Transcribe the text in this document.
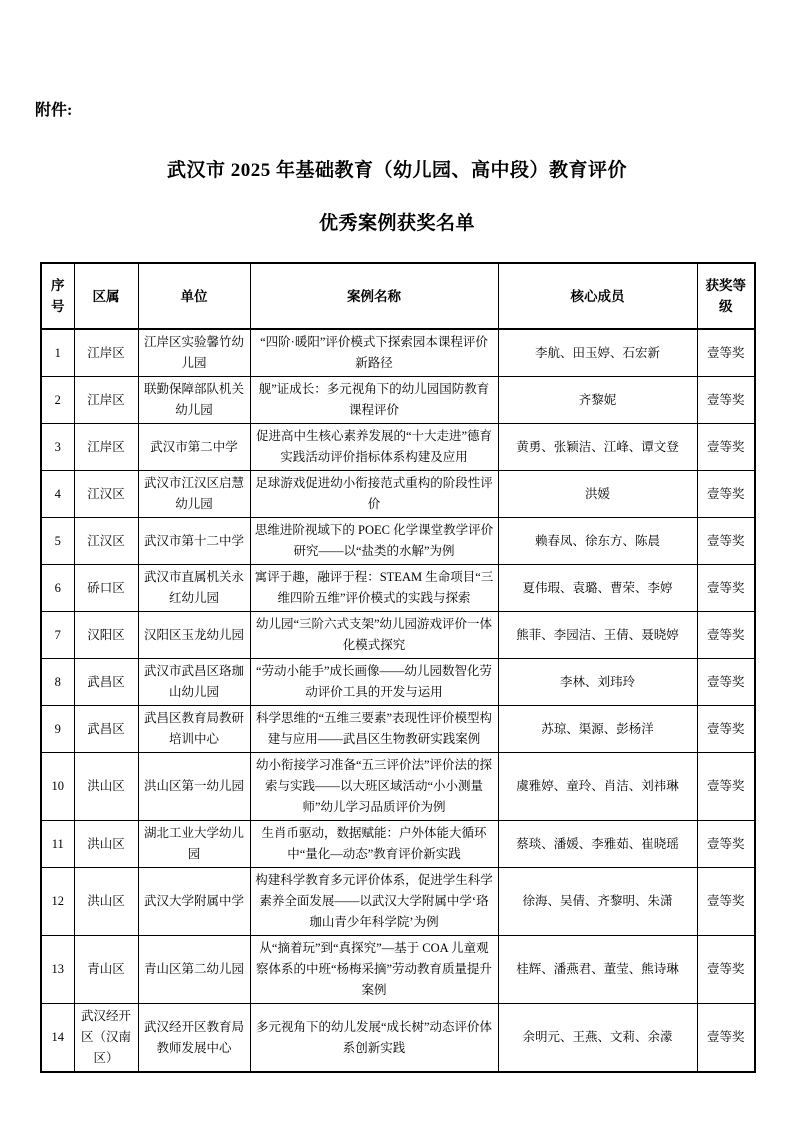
附件:
武汉市 2025 年基础教育（幼儿园、高中段）教育评价
优秀案例获奖名单
序号	区属	单位	案例名称	核心成员	获奖等级
1	江岸区	江岸区实验馨竹幼儿园	“四阶·暖阳”评价模式下探索园本课程评价新路径	李航、田玉婷、石宏新	壹等奖
2	江岸区	联勤保障部队机关幼儿园	舰”证成长：多元视角下的幼儿园国防教育课程评价	齐黎妮	壹等奖
3	江岸区	武汉市第二中学	促进高中生核心素养发展的“十大走进”德育实践活动评价指标体系构建及应用	黄勇、张颖洁、江峰、谭文登	壹等奖
4	江汉区	武汉市江汉区启慧幼儿园	足球游戏促进幼小衔接范式重构的阶段性评价	洪媛	壹等奖
5	江汉区	武汉市第十二中学	思维进阶视域下的 POEC 化学课堂教学评价研究——以“盐类的水解”为例	赖春凤、徐东方、陈晨	壹等奖
6	硚口区	武汉市直属机关永红幼儿园	寓评于趣，融评于程：STEAM 生命项目“三维四阶五维”评价模式的实践与探索	夏伟瑕、袁璐、曹荣、李婷	壹等奖
7	汉阳区	汉阳区玉龙幼儿园	幼儿园“三阶六式支架”幼儿园游戏评价一体化模式探究	熊菲、李园洁、王倩、聂晓婷	壹等奖
8	武昌区	武汉市武昌区珞珈山幼儿园	“劳动小能手”成长画像——幼儿园数智化劳动评价工具的开发与运用	李林、刘玮玲	壹等奖
9	武昌区	武昌区教育局教研培训中心	科学思维的“五维三要素”表现性评价模型构建与应用——武昌区生物教研实践案例	苏琼、渠源、彭杨洋	壹等奖
10	洪山区	洪山区第一幼儿园	幼小衔接学习准备“五三评价法”评价法的探索与实践——以大班区域活动“小小测量师”幼儿学习品质评价为例	虞雅婷、童玲、肖洁、刘祎琳	壹等奖
11	洪山区	湖北工业大学幼儿园	生肖币驱动，数据赋能：户外体能大循环中“量化—动态”教育评价新实践	蔡琰、潘媛、李雅茹、崔晓瑶	壹等奖
12	洪山区	武汉大学附属中学	构建科学教育多元评价体系，促进学生科学素养全面发展——以武汉大学附属中学‘珞珈山青少年科学院’为例	徐海、吴倩、齐黎明、朱潇	壹等奖
13	青山区	青山区第二幼儿园	从“摘着玩”到“真探究”—基于 COA 儿童观察体系的中班“杨梅采摘”劳动教育质量提升案例	桂辉、潘燕君、董莹、熊诗琳	壹等奖
14	武汉经开区（汉南区）	武汉经开区教育局教师发展中心	多元视角下的幼儿发展“成长树”动态评价体系创新实践	余明元、王燕、文莉、余濛	壹等奖
